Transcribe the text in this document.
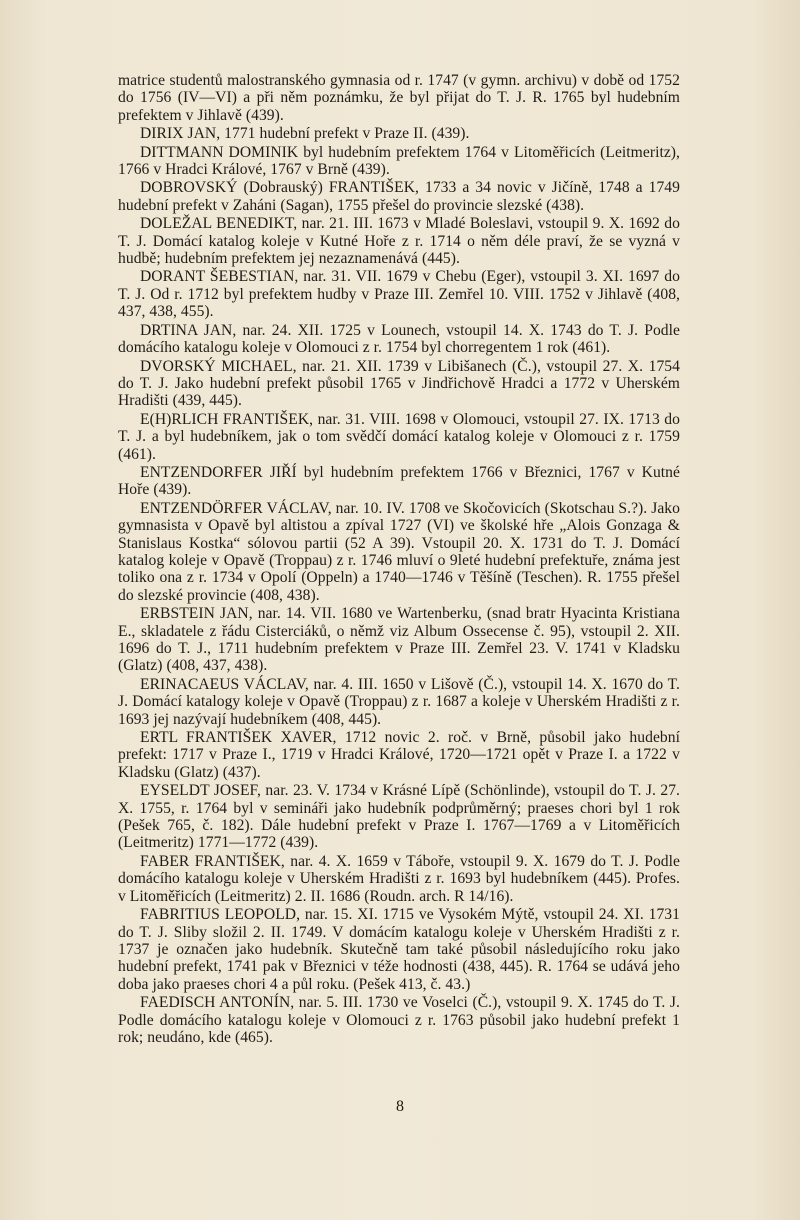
matrice studentů malostranského gymnasia od r. 1747 (v gymn. archivu) v době od 1752 do 1756 (IV—VI) a při něm poznámku, že byl přijat do T. J. R. 1765 byl hudebním prefektem v Jihlavě (439).

DIRIX JAN, 1771 hudební prefekt v Praze II. (439).

DITTMANN DOMINIK byl hudebním prefektem 1764 v Litoměřicích (Leitmeritz), 1766 v Hradci Králové, 1767 v Brně (439).

DOBROVSKÝ (Dobrauský) FRANTIŠEK, 1733 a 34 novic v Jičíně, 1748 a 1749 hudební prefekt v Zaháni (Sagan), 1755 přešel do provincie slezské (438).

DOLEŽAL BENEDIKT, nar. 21. III. 1673 v Mladé Boleslavi, vstoupil 9. X. 1692 do T. J. Domácí katalog koleje v Kutné Hoře z r. 1714 o něm déle praví, že se vyzná v hudbě; hudebním prefektem jej nezaznamenává (445).

DORANT ŠEBESTIAN, nar. 31. VII. 1679 v Chebu (Eger), vstoupil 3. XI. 1697 do T. J. Od r. 1712 byl prefektem hudby v Praze III. Zemřel 10. VIII. 1752 v Jihlavě (408, 437, 438, 455).

DRTINA JAN, nar. 24. XII. 1725 v Lounech, vstoupil 14. X. 1743 do T. J. Podle domácího katalogu koleje v Olomouci z r. 1754 byl chorregentem 1 rok (461).

DVORSKÝ MICHAEL, nar. 21. XII. 1739 v Libišanech (Č.), vstoupil 27. X. 1754 do T. J. Jako hudební prefekt působil 1765 v Jindřichově Hradci a 1772 v Uherském Hradišti (439, 445).

E(H)RLICH FRANTIŠEK, nar. 31. VIII. 1698 v Olomouci, vstoupil 27. IX. 1713 do T. J. a byl hudebníkem, jak o tom svědčí domácí katalog koleje v Olomouci z r. 1759 (461).

ENTZENDORFER JIŘÍ byl hudebním prefektem 1766 v Březnici, 1767 v Kutné Hoře (439).

ENTZENDÖRFER VÁCLAV, nar. 10. IV. 1708 ve Skočovicích (Skotschau S.?). Jako gymnasista v Opavě byl altistou a zpíval 1727 (VI) ve školské hře „Alois Gonzaga & Stanislaus Kostka“ sólovou partii (52 A 39). Vstoupil 20. X. 1731 do T. J. Domácí katalog koleje v Opavě (Troppau) z r. 1746 mluví o 9leté hudební prefektuře, známa jest toliko ona z r. 1734 v Opolí (Oppeln) a 1740—1746 v Těšíně (Teschen). R. 1755 přešel do slezské provincie (408, 438).

ERBSTEIN JAN, nar. 14. VII. 1680 ve Wartenberku, (snad bratr Hyacinta Kristiana E., skladatele z řádu Cisterciáků, o němž viz Album Ossecense č. 95), vstoupil 2. XII. 1696 do T. J., 1711 hudebním prefektem v Praze III. Zemřel 23. V. 1741 v Kladsku (Glatz) (408, 437, 438).

ERINACAEUS VÁCLAV, nar. 4. III. 1650 v Lišově (Č.), vstoupil 14. X. 1670 do T. J. Domácí katalogy koleje v Opavě (Troppau) z r. 1687 a koleje v Uherském Hradišti z r. 1693 jej nazývají hudebníkem (408, 445).

ERTL FRANTIŠEK XAVER, 1712 novic 2. roč. v Brně, působil jako hudební prefekt: 1717 v Praze I., 1719 v Hradci Králové, 1720—1721 opět v Praze I. a 1722 v Kladsku (Glatz) (437).

EYSELDT JOSEF, nar. 23. V. 1734 v Krásné Lípě (Schönlinde), vstoupil do T. J. 27. X. 1755, r. 1764 byl v semináři jako hudebník podprůměrný; praeses chori byl 1 rok (Pešek 765, č. 182). Dále hudební prefekt v Praze I. 1767—1769 a v Litoměřicích (Leitmeritz) 1771—1772 (439).

FABER FRANTIŠEK, nar. 4. X. 1659 v Táboře, vstoupil 9. X. 1679 do T. J. Podle domácího katalogu koleje v Uherském Hradišti z r. 1693 byl hudebníkem (445). Profes. v Litoměřicích (Leitmeritz) 2. II. 1686 (Roudn. arch. R 14/16).

FABRITIUS LEOPOLD, nar. 15. XI. 1715 ve Vysokém Mýtě, vstoupil 24. XI. 1731 do T. J. Sliby složil 2. II. 1749. V domácím katalogu koleje v Uherském Hradišti z r. 1737 je označen jako hudebník. Skutečně tam také působil následujícího roku jako hudební prefekt, 1741 pak v Březnici v téže hodnosti (438, 445). R. 1764 se udává jeho doba jako praeses chori 4 a půl roku. (Pešek 413, č. 43.)

FAEDISCH ANTONÍN, nar. 5. III. 1730 ve Voselci (Č.), vstoupil 9. X. 1745 do T. J. Podle domácího katalogu koleje v Olomouci z r. 1763 působil jako hudební prefekt 1 rok; neudáno, kde (465).

8
